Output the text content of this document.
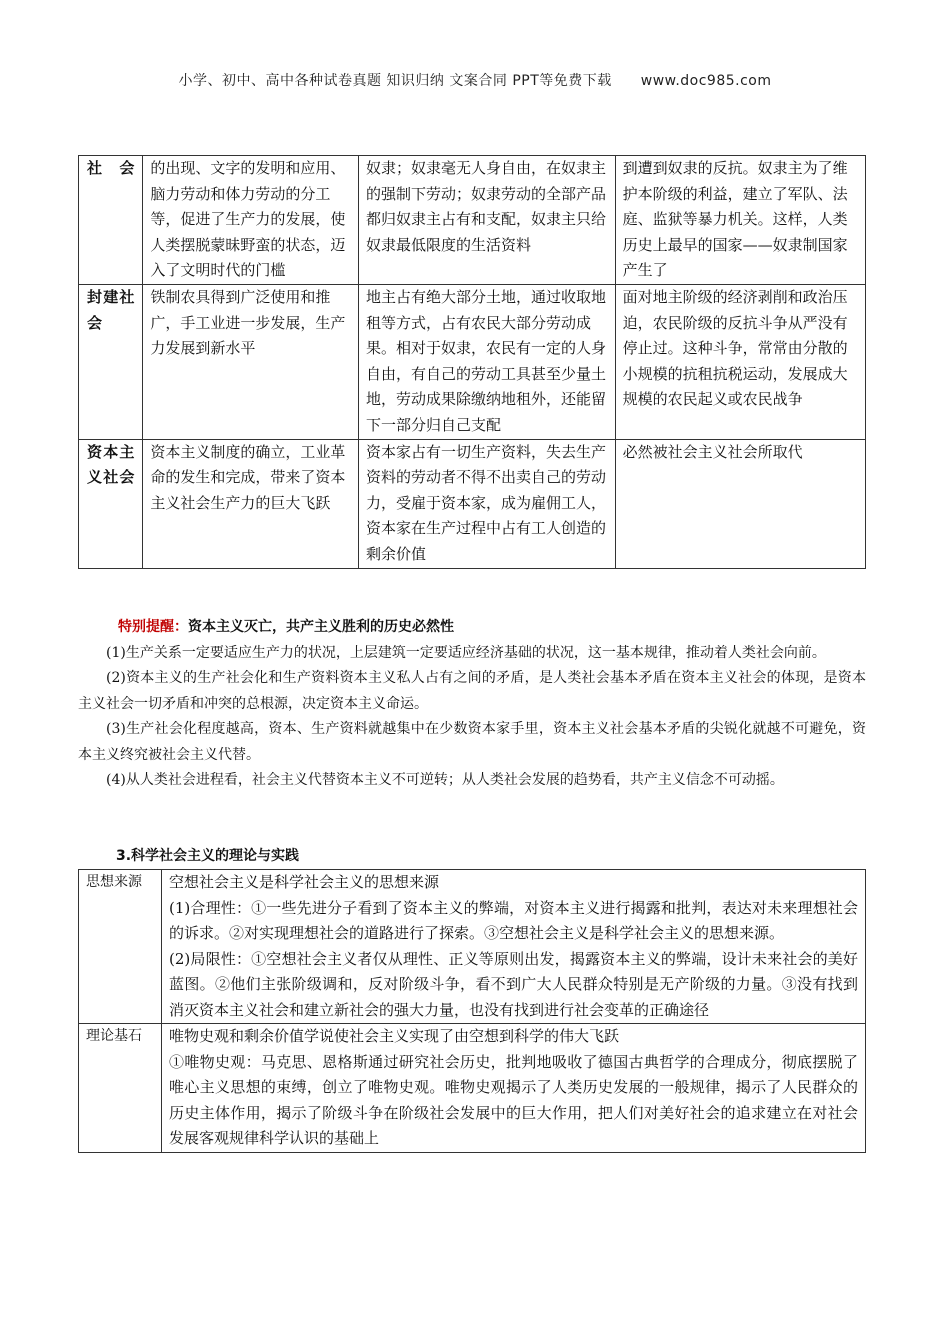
小学、初中、高中各种试卷真题 知识归纳 文案合同 PPT等免费下载　　www.doc985.com
社会	的出现、文字的发明和应用、脑力劳动和体力劳动的分工等，促进了生产力的发展，使人类摆脱蒙昧野蛮的状态，迈入了文明时代的门槛	奴隶；奴隶毫无人身自由，在奴隶主的强制下劳动；奴隶劳动的全部产品都归奴隶主占有和支配，奴隶主只给奴隶最低限度的生活资料	到遭到奴隶的反抗。奴隶主为了维护本阶级的利益，建立了军队、法庭、监狱等暴力机关。这样，人类历史上最早的国家——奴隶制国家产生了
封建社会	铁制农具得到广泛使用和推广，手工业进一步发展，生产力发展到新水平	地主占有绝大部分土地，通过收取地租等方式，占有农民大部分劳动成果。相对于奴隶，农民有一定的人身自由，有自己的劳动工具甚至少量土地，劳动成果除缴纳地租外，还能留下一部分归自己支配	面对地主阶级的经济剥削和政治压迫，农民阶级的反抗斗争从严没有停止过。这种斗争，常常由分散的小规模的抗租抗税运动，发展成大规模的农民起义或农民战争
资本主义社会	资本主义制度的确立，工业革命的发生和完成，带来了资本主义社会生产力的巨大飞跃	资本家占有一切生产资料，失去生产资料的劳动者不得不出卖自己的劳动力，受雇于资本家，成为雇佣工人，资本家在生产过程中占有工人创造的剩余价值	必然被社会主义社会所取代
特别提醒：资本主义灭亡，共产主义胜利的历史必然性

(1)生产关系一定要适应生产力的状况，上层建筑一定要适应经济基础的状况，这一基本规律，推动着人类社会向前。

(2)资本主义的生产社会化和生产资料资本主义私人占有之间的矛盾，是人类社会基本矛盾在资本主义社会的体现，是资本主义社会一切矛盾和冲突的总根源，决定资本主义命运。

(3)生产社会化程度越高，资本、生产资料就越集中在少数资本家手里，资本主义社会基本矛盾的尖锐化就越不可避免，资本主义终究被社会主义代替。

(4)从人类社会进程看，社会主义代替资本主义不可逆转；从人类社会发展的趋势看，共产主义信念不可动摇。

3.科学社会主义的理论与实践
思想来源	空想社会主义是科学社会主义的思想来源
(1)合理性：①一些先进分子看到了资本主义的弊端，对资本主义进行揭露和批判，表达对未来理想社会的诉求。②对实现理想社会的道路进行了探索。③空想社会主义是科学社会主义的思想来源。
(2)局限性：①空想社会主义者仅从理性、正义等原则出发，揭露资本主义的弊端，设计未来社会的美好蓝图。②他们主张阶级调和，反对阶级斗争，看不到广大人民群众特别是无产阶级的力量。③没有找到消灭资本主义社会和建立新社会的强大力量，也没有找到进行社会变革的正确途径

理论基石	唯物史观和剩余价值学说使社会主义实现了由空想到科学的伟大飞跃
①唯物史观：马克思、恩格斯通过研究社会历史，批判地吸收了德国古典哲学的合理成分，彻底摆脱了唯心主义思想的束缚，创立了唯物史观。唯物史观揭示了人类历史发展的一般规律，揭示了人民群众的历史主体作用，揭示了阶级斗争在阶级社会发展中的巨大作用，把人们对美好社会的追求建立在对社会发展客观规律科学认识的基础上
